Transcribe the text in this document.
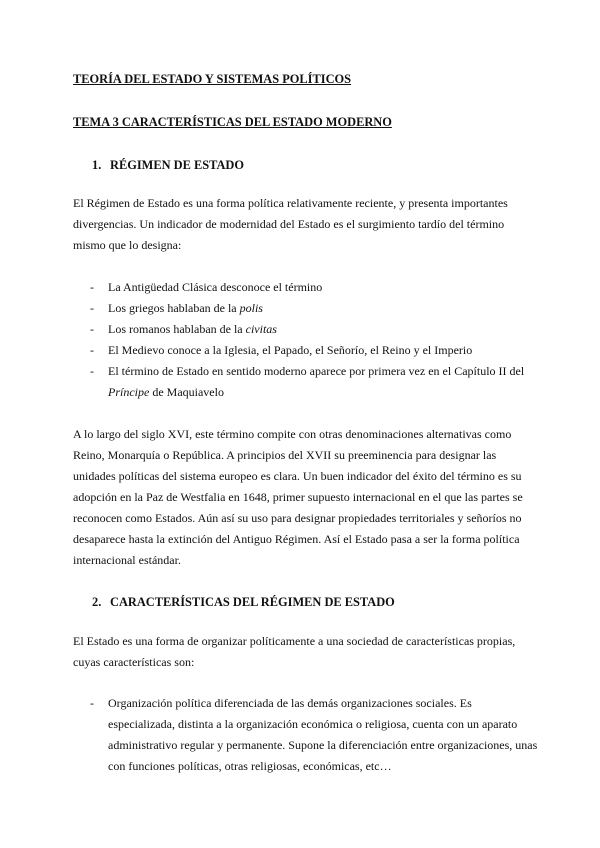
TEORÍA DEL ESTADO Y SISTEMAS POLÍTICOS

TEMA 3 CARACTERÍSTICAS DEL ESTADO MODERNO

1. RÉGIMEN DE ESTADO

El Régimen de Estado es una forma política relativamente reciente, y presenta importantes divergencias. Un indicador de modernidad del Estado es el surgimiento tardío del término mismo que lo designa:

- La Antigüedad Clásica desconoce el término
- Los griegos hablaban de la polis
- Los romanos hablaban de la civitas
- El Medievo conoce a la Iglesia, el Papado, el Señorío, el Reino y el Imperio
- El término de Estado en sentido moderno aparece por primera vez en el Capítulo II del Príncipe de Maquiavelo

A lo largo del siglo XVI, este término compite con otras denominaciones alternativas como Reino, Monarquía o República. A principios del XVII su preeminencia para designar las unidades políticas del sistema europeo es clara. Un buen indicador del éxito del término es su adopción en la Paz de Westfalia en 1648, primer supuesto internacional en el que las partes se reconocen como Estados. Aún así su uso para designar propiedades territoriales y señoríos no desaparece hasta la extinción del Antiguo Régimen. Así el Estado pasa a ser la forma política internacional estándar.

2. CARACTERÍSTICAS DEL RÉGIMEN DE ESTADO

El Estado es una forma de organizar políticamente a una sociedad de características propias, cuyas características son:

- Organización política diferenciada de las demás organizaciones sociales. Es especializada, distinta a la organización económica o religiosa, cuenta con un aparato administrativo regular y permanente. Supone la diferenciación entre organizaciones, unas con funciones políticas, otras religiosas, económicas, etc…
